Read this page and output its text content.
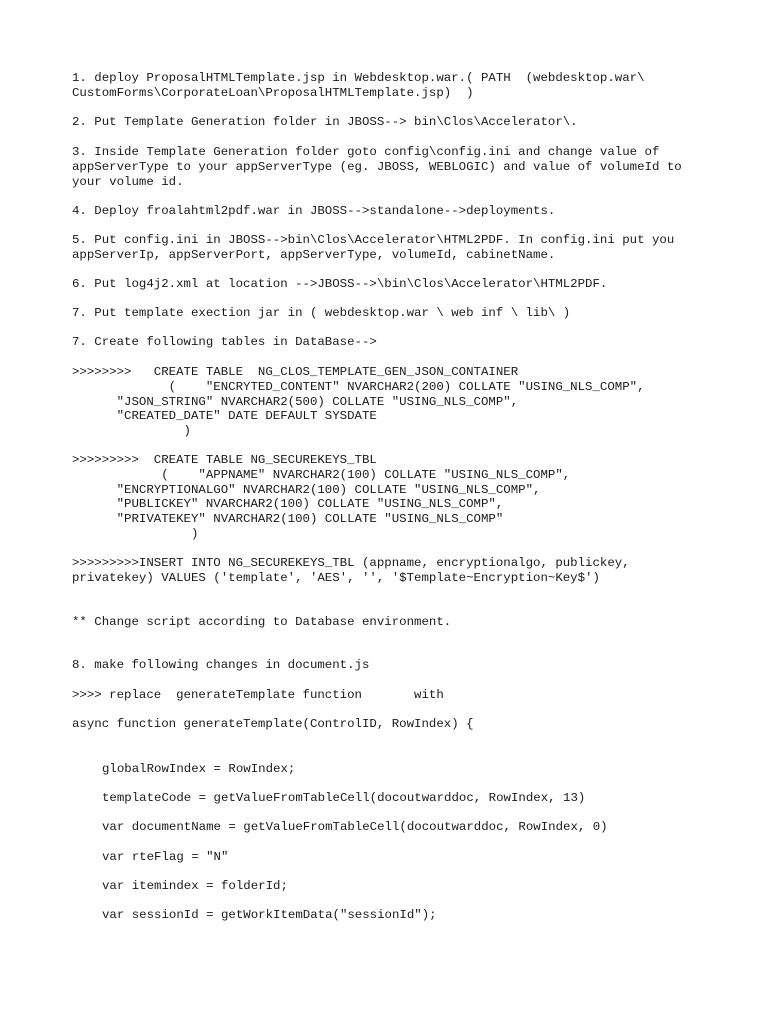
1. deploy ProposalHTMLTemplate.jsp in Webdesktop.war.( PATH  (webdesktop.war\
CustomForms\CorporateLoan\ProposalHTMLTemplate.jsp)  )
2. Put Template Generation folder in JBOSS--> bin\Clos\Accelerator\.
3. Inside Template Generation folder goto config\config.ini and change value of
appServerType to your appServerType (eg. JBOSS, WEBLOGIC) and value of volumeId to
your volume id.
4. Deploy froalahtml2pdf.war in JBOSS-->standalone-->deployments.
5. Put config.ini in JBOSS-->bin\Clos\Accelerator\HTML2PDF. In config.ini put you
appServerIp, appServerPort, appServerType, volumeId, cabinetName.
6. Put log4j2.xml at location -->JBOSS-->\bin\Clos\Accelerator\HTML2PDF.
7. Put template exection jar in ( webdesktop.war \ web inf \ lib\ )
7. Create following tables in DataBase-->
>>>>>>>>   CREATE TABLE  NG_CLOS_TEMPLATE_GEN_JSON_CONTAINER
(    "ENCRYTED_CONTENT" NVARCHAR2(200) COLLATE "USING_NLS_COMP",
"JSON_STRING" NVARCHAR2(500) COLLATE "USING_NLS_COMP",
"CREATED_DATE" DATE DEFAULT SYSDATE
)
>>>>>>>>>  CREATE TABLE NG_SECUREKEYS_TBL
(    "APPNAME" NVARCHAR2(100) COLLATE "USING_NLS_COMP",
"ENCRYPTIONALGO" NVARCHAR2(100) COLLATE "USING_NLS_COMP",
"PUBLICKEY" NVARCHAR2(100) COLLATE "USING_NLS_COMP",
"PRIVATEKEY" NVARCHAR2(100) COLLATE "USING_NLS_COMP"
)
>>>>>>>>>INSERT INTO NG_SECUREKEYS_TBL (appname, encryptionalgo, publickey,
privatekey) VALUES ('template', 'AES', '', '$Template~Encryption~Key$')
** Change script according to Database environment.
8. make following changes in document.js
>>>> replace  generateTemplate function       with
async function generateTemplate(ControlID, RowIndex) {
globalRowIndex = RowIndex;
templateCode = getValueFromTableCell(docoutwarddoc, RowIndex, 13)
var documentName = getValueFromTableCell(docoutwarddoc, RowIndex, 0)
var rteFlag = "N"
var itemindex = folderId;
var sessionId = getWorkItemData("sessionId");
